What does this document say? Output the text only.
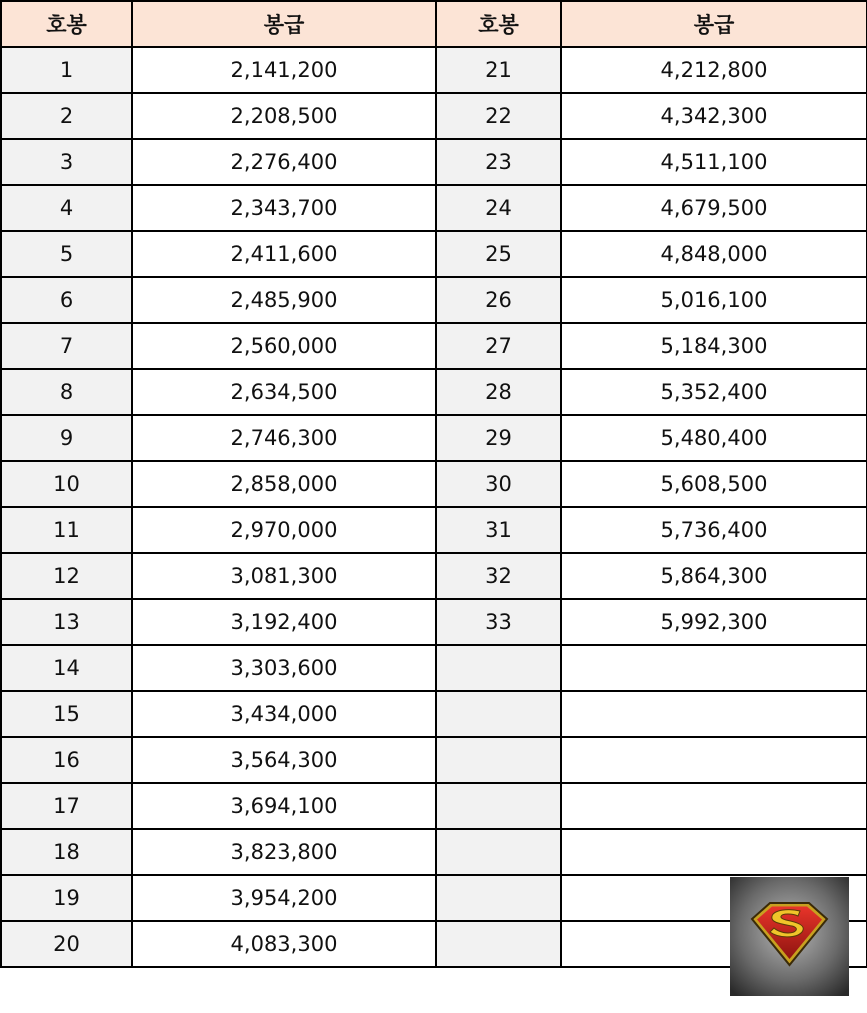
호봉	봉급	호봉	봉급
1	2,141,200	21	4,212,800
2	2,208,500	22	4,342,300
3	2,276,400	23	4,511,100
4	2,343,700	24	4,679,500
5	2,411,600	25	4,848,000
6	2,485,900	26	5,016,100
7	2,560,000	27	5,184,300
8	2,634,500	28	5,352,400
9	2,746,300	29	5,480,400
10	2,858,000	30	5,608,500
11	2,970,000	31	5,736,400
12	3,081,300	32	5,864,300
13	3,192,400	33	5,992,300
14	3,303,600		
15	3,434,000		
16	3,564,300		
17	3,694,100		
18	3,823,800		
19	3,954,200		
20	4,083,300		
